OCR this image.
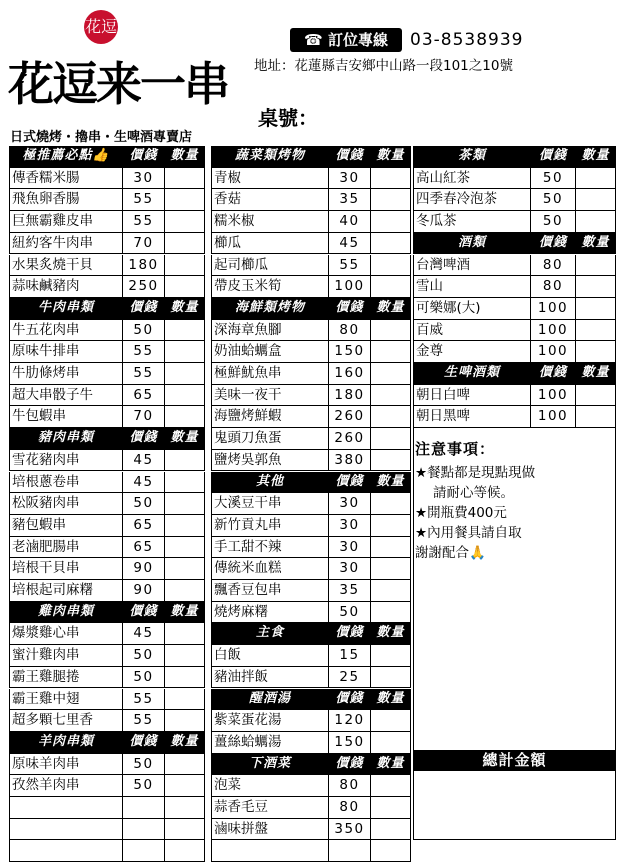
花逗
花逗来一串
日式燒烤・擼串・生啤酒專賣店
☎ 訂位專線	03-8538939
地址：花蓮縣吉安鄉中山路一段101之10號
桌號：
極推薦必點👍	價錢 數量
傳香糯米腸	30
飛魚卵香腸	55
巨無霸雞皮串	55
紐約客牛肉串	70
水果炙燒干貝	180
蒜味鹹豬肉	250
牛肉串類	價錢 數量
牛五花肉串	50
原味牛排串	55
牛肋條烤串	55
超大串骰子牛	65
牛包蝦串	70
豬肉串類	價錢 數量
雪花豬肉串	45
培根蔥卷串	45
松阪豬肉串	50
豬包蝦串	65
老滷肥腸串	65
培根干貝串	90
培根起司麻糬	90
雞肉串類	價錢 數量
爆漿雞心串	45
蜜汁雞肉串	50
霸王雞腿捲	50
霸王雞中翅	55
超多顆七里香	55
羊肉串類	價錢 數量
原味羊肉串	50
孜然羊肉串	50
蔬菜類烤物	價錢 數量
青椒	30
香菇	35
糯米椒	40
櫛瓜	45
起司櫛瓜	55
帶皮玉米筍	100
海鮮類烤物	價錢 數量
深海章魚腳	80
奶油蛤蠣盒	150
極鮮魷魚串	160
美味一夜干	180
海鹽烤鮮蝦	260
鬼頭刀魚蛋	260
鹽烤吳郭魚	380
其他	價錢 數量
大溪豆干串	30
新竹貢丸串	30
手工甜不辣	30
傳統米血糕	30
飄香豆包串	35
燒烤麻糬	50
主食	價錢 數量
白飯	15
豬油拌飯	25
醒酒湯	價錢 數量
紫菜蛋花湯	120
薑絲蛤蠣湯	150
下酒菜	價錢 數量
泡菜	80
蒜香毛豆	80
滷味拼盤	350
茶類	價錢	數量
高山紅茶	50
四季春冷泡茶	50
冬瓜茶	50
酒類	價錢	數量
台灣啤酒	80
雪山	80
可樂娜(大)	100
百威	100
金尊	100
生啤酒類	價錢	數量
朝日白啤	100
朝日黑啤	100
注意事項：
★餐點都是現點現做
請耐心等候。
★開瓶費400元
★內用餐具請自取
謝謝配合🙏
總計金額
